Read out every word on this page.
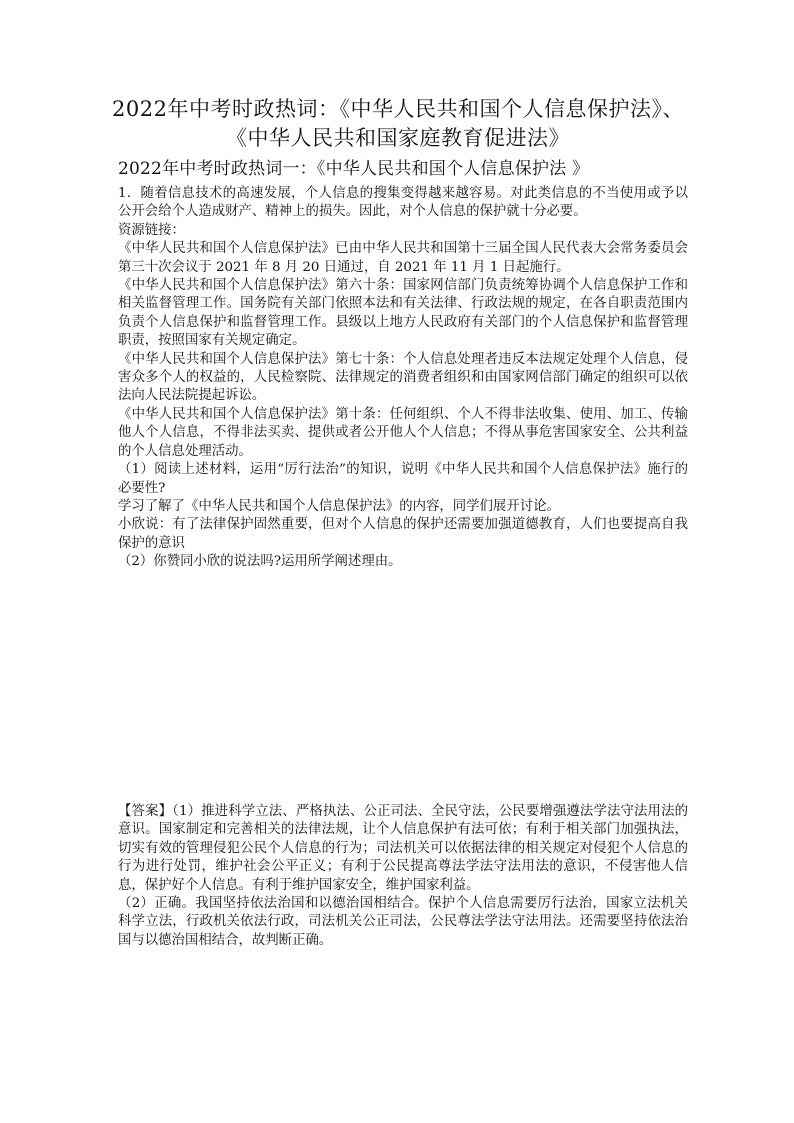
2022年中考时政热词：《中华人民共和国个人信息保护法》、《中华人民共和国家庭教育促进法》
2022年中考时政热词一：《中华人民共和国个人信息保护法 》
1．随着信息技术的高速发展，个人信息的搜集变得越来越容易。对此类信息的不当使用或予以公开会给个人造成财产、精神上的损失。因此，对个人信息的保护就十分必要。
资源链接：
《中华人民共和国个人信息保护法》已由中华人民共和国第十三届全国人民代表大会常务委员会第三十次会议于 2021 年 8 月 20 日通过，自 2021 年 11 月 1 日起施行。
《中华人民共和国个人信息保护法》第六十条：国家网信部门负责统筹协调个人信息保护工作和相关监督管理工作。国务院有关部门依照本法和有关法律、行政法规的规定，在各自职责范围内负责个人信息保护和监督管理工作。县级以上地方人民政府有关部门的个人信息保护和监督管理职责，按照国家有关规定确定。
《中华人民共和国个人信息保护法》第七十条：个人信息处理者违反本法规定处理个人信息，侵害众多个人的权益的，人民检察院、法律规定的消费者组织和由国家网信部门确定的组织可以依法向人民法院提起诉讼。
《中华人民共和国个人信息保护法》第十条：任何组织、个人不得非法收集、使用、加工、传输他人个人信息，不得非法买卖、提供或者公开他人个人信息；不得从事危害国家安全、公共利益的个人信息处理活动。
（1）阅读上述材料，运用“厉行法治”的知识，说明《中华人民共和国个人信息保护法》施行的必要性?
学习了解了《中华人民共和国个人信息保护法》的内容，同学们展开讨论。
小欣说：有了法律保护固然重要，但对个人信息的保护还需要加强道德教育，人们也要提高自我保护的意识
（2）你赞同小欣的说法吗?运用所学阐述理由。
【答案】（1）推进科学立法、严格执法、公正司法、全民守法，公民要增强遵法学法守法用法的意识。国家制定和完善相关的法律法规，让个人信息保护有法可依；有利于相关部门加强执法，切实有效的管理侵犯公民个人信息的行为；司法机关可以依据法律的相关规定对侵犯个人信息的行为进行处罚，维护社会公平正义；有利于公民提高尊法学法守法用法的意识，不侵害他人信息，保护好个人信息。有利于维护国家安全，维护国家利益。
（2）正确。我国坚持依法治国和以德治国相结合。保护个人信息需要厉行法治，国家立法机关科学立法，行政机关依法行政，司法机关公正司法，公民尊法学法守法用法。还需要坚持依法治国与以德治国相结合，故判断正确。
